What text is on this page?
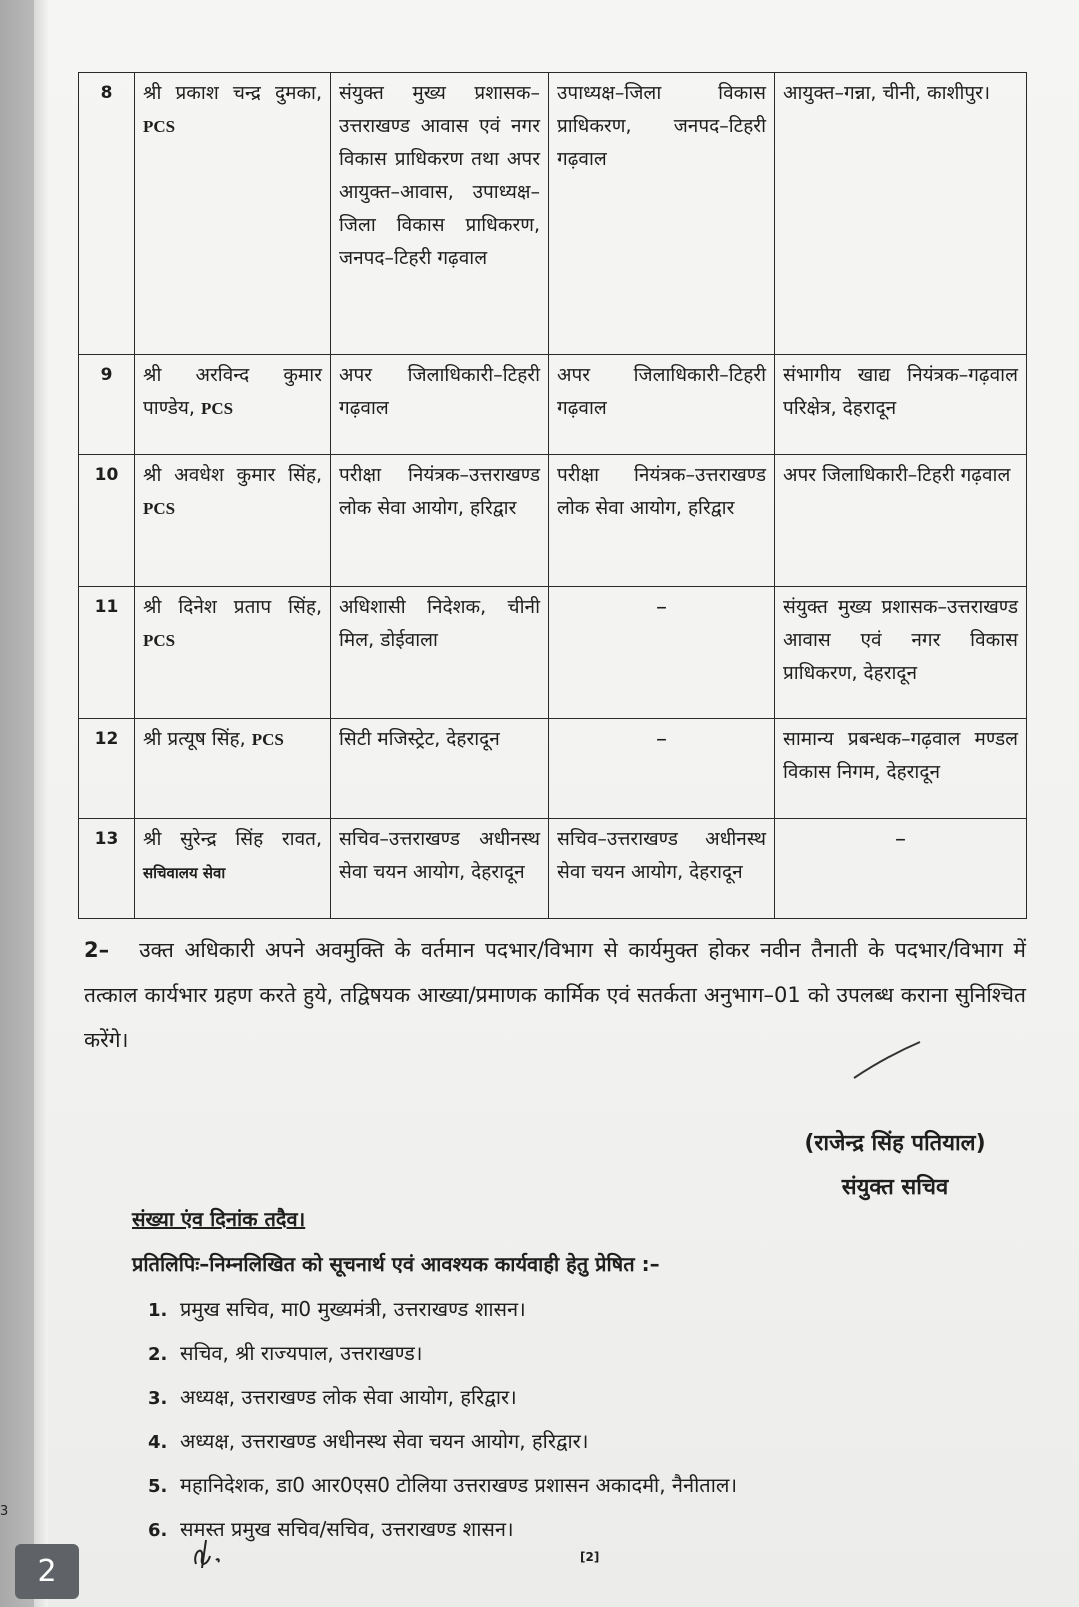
8	श्री प्रकाश चन्द्र दुमका, PCS	संयुक्त मुख्य प्रशासक–उत्तराखण्ड आवास एवं नगर विकास प्राधिकरण तथा अपर आयुक्त–आवास, उपाध्यक्ष–जिला विकास प्राधिकरण, जनपद–टिहरी गढ़वाल	उपाध्यक्ष–जिला विकास प्राधिकरण, जनपद–टिहरी गढ़वाल	आयुक्त–गन्ना, चीनी, काशीपुर।
9	श्री अरविन्द कुमार पाण्डेय, PCS	अपर जिलाधिकारी–टिहरी गढ़वाल	अपर जिलाधिकारी–टिहरी गढ़वाल	संभागीय खाद्य नियंत्रक–गढ़वाल परिक्षेत्र, देहरादून
10	श्री अवधेश कुमार सिंह, PCS	परीक्षा नियंत्रक–उत्तराखण्ड लोक सेवा आयोग, हरिद्वार	परीक्षा नियंत्रक–उत्तराखण्ड लोक सेवा आयोग, हरिद्वार	अपर जिलाधिकारी–टिहरी गढ़वाल
11	श्री दिनेश प्रताप सिंह, PCS	अधिशासी निदेशक, चीनी मिल, डोईवाला	–	संयुक्त मुख्य प्रशासक–उत्तराखण्ड आवास एवं नगर विकास प्राधिकरण, देहरादून
12	श्री प्रत्यूष सिंह, PCS	सिटी मजिस्ट्रेट, देहरादून	–	सामान्य प्रबन्धक–गढ़वाल मण्डल विकास निगम, देहरादून
13	श्री सुरेन्द्र सिंह रावत, सचिवालय सेवा	सचिव–उत्तराखण्ड अधीनस्थ सेवा चयन आयोग, देहरादून	सचिव–उत्तराखण्ड अधीनस्थ सेवा चयन आयोग, देहरादून	–
2– उक्त अधिकारी अपने अवमुक्ति के वर्तमान पदभार/विभाग से कार्यमुक्त होकर नवीन तैनाती के पदभार/विभाग में तत्काल कार्यभार ग्रहण करते हुये, तद्विषयक आख्या/प्रमाणक कार्मिक एवं सतर्कता अनुभाग–01 को उपलब्ध कराना सुनिश्चित करेंगे।
(राजेन्द्र सिंह पतियाल)
संयुक्त सचिव
संख्या एंव दिनांक तदैव।
प्रतिलिपिः–निम्नलिखित को सूचनार्थ एवं आवश्यक कार्यवाही हेतु प्रेषित :–
1. प्रमुख सचिव, मा0 मुख्यमंत्री, उत्तराखण्ड शासन।
2. सचिव, श्री राज्यपाल, उत्तराखण्ड।
3. अध्यक्ष, उत्तराखण्ड लोक सेवा आयोग, हरिद्वार।
4. अध्यक्ष, उत्तराखण्ड अधीनस्थ सेवा चयन आयोग, हरिद्वार।
5. महानिदेशक, डा0 आर0एस0 टोलिया उत्तराखण्ड प्रशासन अकादमी, नैनीताल।
6. समस्त प्रमुख सचिव/सचिव, उत्तराखण्ड शासन।
[2]
3
2
